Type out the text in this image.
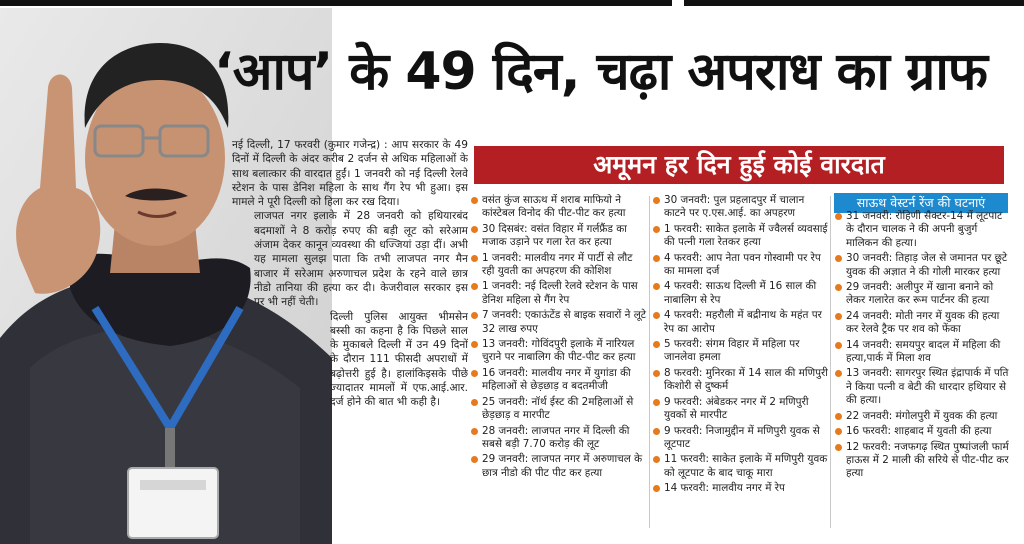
‘आप’ के 49 दिन, चढ़ा अपराध का ग्राफ

नई दिल्ली, 17 फरवरी (कुमार गजेन्द्र) : आप सरकार के 49 दिनों में दिल्ली के अंदर करीब 2 दर्जन से अधिक महिलाओं के साथ बलात्कार की वारदात हुईं। 1 जनवरी को नई दिल्ली रेलवे स्टेशन के पास डेनिश महिला के साथ गैंग रेप भी हुआ। इस मामले ने पूरी दिल्ली को हिला कर रख दिया।

लाजपत नगर इलाके में 28 जनवरी को हथियारबंद बदमाशों ने 8 करोड़ रुपए की बड़ी लूट को सरेआम अंजाम देकर कानून व्यवस्था की धज्जियां उड़ा दीं। अभी यह मामला सुलझ पाता कि तभी लाजपत नगर मैन बाजार में सरेआम अरुणाचल प्रदेश के रहने वाले छात्र नीडो तानिया की हत्या कर दी। केजरीवाल सरकार इस पर भी नहीं चेती।

दिल्ली पुलिस आयुक्त भीमसेन बस्सी का कहना है कि पिछले साल के मुकाबले दिल्ली में उन 49 दिनों के दौरान 111 फीसदी अपराधों में बढ़ोत्तरी हुई है। हालांकिइसके पीछे ज्यादातर मामलों में एफ.आई.आर. दर्ज होने की बात भी कही है।

अमूमन हर दिन हुई कोई वारदात
वसंत कुंज साऊथ में शराब माफियो ने कांस्टेबल विनोद की पीट-पीट कर हत्या
30 दिसबंर: वसंत विहार में गर्लफ्रैंड का मजाक उड़ाने पर गला रेत कर हत्या
1 जनवरी: मालवीय नगर में पार्टी से लौट रही युवती का अपहरण की कोशिश
1 जनवरी: नई दिल्ली रेलवे स्टेशन के पास डेनिश महिला से गैंग रेप
7 जनवरी: एकाऊंटेंड से बाइक सवारों ने लूटे 32 लाख रुपए
13 जनवरी: गोविंदपुरी इलाके में नारियल चुराने पर नाबालिग की पीट-पीट कर हत्या
16 जनवरी: मालवीय नगर में युगांडा की महिलाओं से छेड़छाड़ व बदतमीजी
25 जनवरी: नॉर्थ ईस्ट की 2महिलाओं से छेड़छाड़ व मारपीट
28 जनवरी: लाजपत नगर में दिल्ली की सबसे बड़ी 7.70 करोड़ की लूट
29 जनवरी: लाजपत नगर में अरुणाचल के छात्र नीडो की पीट पीट कर हत्या
30 जनवरी: पुल प्रहलादपुर में चालान काटने पर ए.एस.आई. का अपहरण
1 फरवरी: साकेत इलाके में ज्वैलर्स व्यवसाई की पत्नी गला रेतकर हत्या
4 फरवरी: आप नेता पवन गोस्वामी पर रेप का मामला दर्ज
4 फरवरी: साऊथ दिल्ली में 16 साल की नाबालिग से रेप
4 फरवरी: महरौली में बद्रीनाथ के महंत पर रेप का आरोप
5 फरवरी: संगम विहार में महिला पर जानलेवा हमला
8 फरवरी: मुनिरका में 14 साल की मणिपुरी किशोरी से दुष्कर्म
9 फरवरी: अंबेडकर नगर में 2 मणिपुरी युवकों से मारपीट
9 फरवरी: निजामुद्दीन में मणिपुरी युवक से लूटपाट
11 फरवरी: साकेत इलाके में मणिपुरी युवक को लूटपाट के बाद चाकू मारा
14 फरवरी: मालवीय नगर में रेप
साऊथ वेस्टर्न रेंज की घटनाएं
31 जनवरी: रोहिणी सैक्टर-14 में लूटपाट के दौरान चालक ने की अपनी बुजुर्ग मालिकन की हत्या।
30 जनवरी: तिहाड़ जेल से जमानत पर छूटे युवक की अज्ञात ने की गोली मारकर हत्या
29 जनवरी: अलीपुर में खाना बनाने को लेकर गलारेत कर रूम पार्टनर की हत्या
24 जनवरी: मोती नगर में युवक की हत्या कर रेलवे ट्रैक पर शव को फेंका
14 जनवरी: समयपुर बादल में महिला की हत्या,पार्क में मिला शव
13 जनवरी: सागरपुर स्थित इंद्रापार्क में पति ने किया पत्नी व बेटी की धारदार हथियार से की हत्या।
22 जनवरी: मंगोलपुरी में युवक की हत्या
16 फरवरी: शाहबाद में युवती की हत्या
12 फरवरी: नजफगढ़ स्थित पुष्पांजली फार्म हाऊस में 2 माली की सरिये से पीट-पीट कर हत्या
